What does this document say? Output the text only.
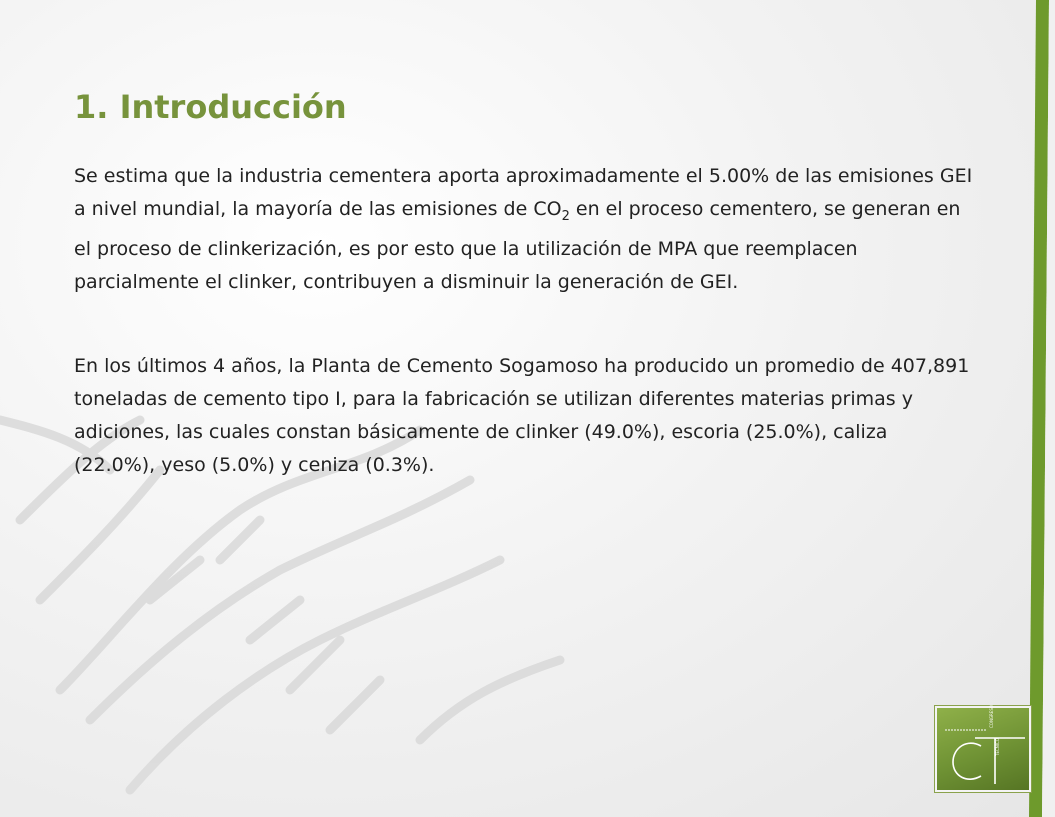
1. Introducción

Se estima que la industria cementera aporta aproximadamente el 5.00% de las emisiones GEI a nivel mundial, la mayoría de las emisiones de $CO_2$ en el proceso cementero, se generan en el proceso de clinkerización, es por esto que la utilización de MPA que reemplacen parcialmente el clinker, contribuyen a disminuir la generación de GEI.

En los últimos 4 años, la Planta de Cemento Sogamoso ha producido un promedio de 407,891 toneladas de cemento tipo I, para la fabricación se utilizan diferentes materias primas y adiciones, las cuales constan básicamente de clinker (49.0%), escoria (25.0%), caliza (22.0%), yeso (5.0%) y ceniza (0.3%).

CONGRESO
TÉCNICO
